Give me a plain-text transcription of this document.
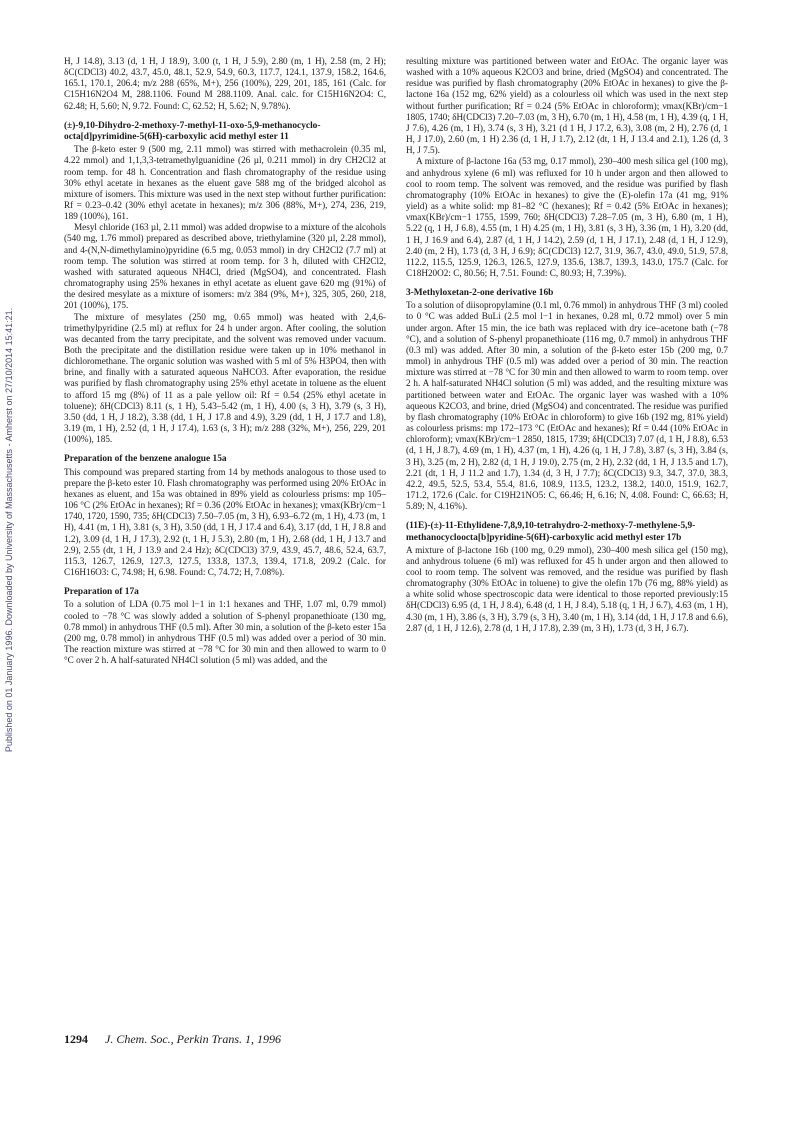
Published on 01 January 1996. Downloaded by University of Massachusetts - Amherst on 27/10/2014 15:41:21.

H, J 14.8), 3.13 (d, 1 H, J 18.9), 3.00 (t, 1 H, J 5.9), 2.80 (m, 1 H), 2.58 (m, 2 H); δC(CDCl3) 40.2, 43.7, 45.0, 48.1, 52.9, 54.9, 60.3, 117.7, 124.1, 137.9, 158.2, 164.6, 165.1, 170.1, 206.4; m/z 288 (65%, M+), 256 (100%), 229, 201, 185, 161 (Calc. for C15H16N2O4 M, 288.1106. Found M 288.1109. Anal. calc. for C15H16N2O4: C, 62.48; H, 5.60; N, 9.72. Found: C, 62.52; H, 5.62; N, 9.78%).

(±)-9,10-Dihydro-2-methoxy-7-methyl-11-oxo-5,9-methanocycloocta[d]pyrimidine-5(6H)-carboxylic acid methyl ester 11

The β-keto ester 9 (500 mg, 2.11 mmol) was stirred with methacrolein (0.35 ml, 4.22 mmol) and 1,1,3,3-tetramethylguanidine (26 µl, 0.211 mmol) in dry CH2Cl2 at room temp. for 48 h. Concentration and flash chromatography of the residue using 30% ethyl acetate in hexanes as the eluent gave 588 mg of the bridged alcohol as mixture of isomers. This mixture was used in the next step without further purification: Rf = 0.23–0.42 (30% ethyl acetate in hexanes); m/z 306 (88%, M+), 274, 236, 219, 189 (100%), 161.

Mesyl chloride (163 µl, 2.11 mmol) was added dropwise to a mixture of the alcohols (540 mg, 1.76 mmol) prepared as described above, triethylamine (320 µl, 2.28 mmol), and 4-(N,N-dimethylamino)pyridine (6.5 mg, 0.053 mmol) in dry CH2Cl2 (7.7 ml) at room temp. The solution was stirred at room temp. for 3 h, diluted with CH2Cl2, washed with saturated aqueous NH4Cl, dried (MgSO4), and concentrated. Flash chromatography using 25% hexanes in ethyl acetate as eluent gave 620 mg (91%) of the desired mesylate as a mixture of isomers: m/z 384 (9%, M+), 325, 305, 260, 218, 201 (100%), 175.

The mixture of mesylates (250 mg, 0.65 mmol) was heated with 2,4,6-trimethylpyridine (2.5 ml) at reflux for 24 h under argon. After cooling, the solution was decanted from the tarry precipitate, and the solvent was removed under vacuum. Both the precipitate and the distillation residue were taken up in 10% methanol in dichloromethane. The organic solution was washed with 5 ml of 5% H3PO4, then with brine, and finally with a saturated aqueous NaHCO3. After evaporation, the residue was purified by flash chromatography using 25% ethyl acetate in toluene as the eluent to afford 15 mg (8%) of 11 as a pale yellow oil: Rf = 0.54 (25% ethyl acetate in toluene); δH(CDCl3) 8.11 (s, 1 H), 5.43–5.42 (m, 1 H), 4.00 (s, 3 H), 3.79 (s, 3 H), 3.50 (dd, 1 H, J 18.2), 3.38 (dd, 1 H, J 17.8 and 4.9), 3.29 (dd, 1 H, J 17.7 and 1.8), 3.19 (m, 1 H), 2.52 (d, 1 H, J 17.4), 1.63 (s, 3 H); m/z 288 (32%, M+), 256, 229, 201 (100%), 185.

Preparation of the benzene analogue 15a

This compound was prepared starting from 14 by methods analogous to those used to prepare the β-keto ester 10. Flash chromatography was performed using 20% EtOAc in hexanes as eluent, and 15a was obtained in 89% yield as colourless prisms: mp 105–106 °C (2% EtOAc in hexanes); Rf = 0.36 (20% EtOAc in hexanes); νmax(KBr)/cm−1 1740, 1720, 1590, 735; δH(CDCl3) 7.50–7.05 (m, 3 H), 6.93–6.72 (m, 1 H), 4.73 (m, 1 H), 4.41 (m, 1 H), 3.81 (s, 3 H), 3.50 (dd, 1 H, J 17.4 and 6.4), 3.17 (dd, 1 H, J 8.8 and 1.2), 3.09 (d, 1 H, J 17.3), 2.92 (t, 1 H, J 5.3), 2.80 (m, 1 H), 2.68 (dd, 1 H, J 13.7 and 2.9), 2.55 (dt, 1 H, J 13.9 and 2.4 Hz); δC(CDCl3) 37.9, 43.9, 45.7, 48.6, 52.4, 63.7, 115.3, 126.7, 126.9, 127.3, 127.5, 133.8, 137.3, 139.4, 171.8, 209.2 (Calc. for C16H16O3: C, 74.98; H, 6.98. Found: C, 74.72; H, 7.08%).

Preparation of 17a

To a solution of LDA (0.75 mol l−1 in 1:1 hexanes and THF, 1.07 ml, 0.79 mmol) cooled to −78 °C was slowly added a solution of S-phenyl propanethioate (130 mg, 0.78 mmol) in anhydrous THF (0.5 ml). After 30 min, a solution of the β-keto ester 15a (200 mg, 0.78 mmol) in anhydrous THF (0.5 ml) was added over a period of 30 min. The reaction mixture was stirred at −78 °C for 30 min and then allowed to warm to 0 °C over 2 h. A half-saturated NH4Cl solution (5 ml) was added, and the

resulting mixture was partitioned between water and EtOAc. The organic layer was washed with a 10% aqueous K2CO3 and brine, dried (MgSO4) and concentrated. The residue was purified by flash chromatography (20% EtOAc in hexanes) to give the β-lactone 16a (152 mg, 62% yield) as a colourless oil which was used in the next step without further purification; Rf = 0.24 (5% EtOAc in chloroform); νmax(KBr)/cm−1 1805, 1740; δH(CDCl3) 7.20–7.03 (m, 3 H), 6.70 (m, 1 H), 4.58 (m, 1 H), 4.39 (q, 1 H, J 7.6), 4.26 (m, 1 H), 3.74 (s, 3 H), 3.21 (d 1 H, J 17.2, 6.3), 3.08 (m, 2 H), 2.76 (d, 1 H, J 17.0), 2.60 (m, 1 H) 2.36 (d, 1 H, J 1.7), 2.12 (dt, 1 H, J 13.4 and 2.1), 1.26 (d, 3 H, J 7.5).

A mixture of β-lactone 16a (53 mg, 0.17 mmol), 230–400 mesh silica gel (100 mg), and anhydrous xylene (6 ml) was refluxed for 10 h under argon and then allowed to cool to room temp. The solvent was removed, and the residue was purified by flash chromatography (10% EtOAc in hexanes) to give the (E)-olefin 17a (41 mg, 91% yield) as a white solid: mp 81–82 °C (hexanes); Rf = 0.42 (5% EtOAc in hexanes); νmax(KBr)/cm−1 1755, 1599, 760; δH(CDCl3) 7.28–7.05 (m, 3 H), 6.80 (m, 1 H), 5.22 (q, 1 H, J 6.8), 4.55 (m, 1 H) 4.25 (m, 1 H), 3.81 (s, 3 H), 3.36 (m, 1 H), 3.20 (dd, 1 H, J 16.9 and 6.4), 2.87 (d, 1 H, J 14.2), 2.59 (d, 1 H, J 17.1), 2.48 (d, 1 H, J 12.9), 2.40 (m, 2 H), 1.73 (d, 3 H, J 6.9); δC(CDCl3) 12.7, 31.9, 36.7, 43.0, 49.0, 51.9, 57.8, 112.2, 115.5, 125.9, 126.3, 126.5, 127.9, 135.6, 138.7, 139.3, 143.0, 175.7 (Calc. for C18H20O2: C, 80.56; H, 7.51. Found: C, 80.93; H, 7.39%).

3-Methyloxetan-2-one derivative 16b

To a solution of diisopropylamine (0.1 ml, 0.76 mmol) in anhydrous THF (3 ml) cooled to 0 °C was added BuLi (2.5 mol l−1 in hexanes, 0.28 ml, 0.72 mmol) over 5 min under argon. After 15 min, the ice bath was replaced with dry ice–acetone bath (−78 °C), and a solution of S-phenyl propanethioate (116 mg, 0.7 mmol) in anhydrous THF (0.3 ml) was added. After 30 min, a solution of the β-keto ester 15b (200 mg, 0.7 mmol) in anhydrous THF (0.5 ml) was added over a period of 30 min. The reaction mixture was stirred at −78 °C for 30 min and then allowed to warm to room temp. over 2 h. A half-saturated NH4Cl solution (5 ml) was added, and the resulting mixture was partitioned between water and EtOAc. The organic layer was washed with a 10% aqueous K2CO3, and brine, dried (MgSO4) and concentrated. The residue was purified by flash chromatography (10% EtOAc in chloroform) to give 16b (192 mg, 81% yield) as colourless prisms: mp 172–173 °C (EtOAc and hexanes); Rf = 0.44 (10% EtOAc in chloroform); νmax(KBr)/cm−1 2850, 1815, 1739; δH(CDCl3) 7.07 (d, 1 H, J 8.8), 6.53 (d, 1 H, J 8.7), 4.69 (m, 1 H), 4.37 (m, 1 H), 4.26 (q, 1 H, J 7.8), 3.87 (s, 3 H), 3.84 (s, 3 H), 3.25 (m, 2 H), 2.82 (d, 1 H, J 19.0), 2.75 (m, 2 H), 2.32 (dd, 1 H, J 13.5 and 1.7), 2.21 (dt, 1 H, J 11.2 and 1.7), 1.34 (d, 3 H, J 7.7); δC(CDCl3) 9.3, 34.7, 37.0, 38.3, 42.2, 49.5, 52.5, 53.4, 55.4, 81.6, 108.9, 113.5, 123.2, 138.2, 140.0, 151.9, 162.7, 171.2, 172.6 (Calc. for C19H21NO5: C, 66.46; H, 6.16; N, 4.08. Found: C, 66.63; H, 5.89; N, 4.16%).

(11E)-(±)-11-Ethylidene-7,8,9,10-tetrahydro-2-methoxy-7-methylene-5,9-methanocycloocta[b]pyridine-5(6H)-carboxylic acid methyl ester 17b

A mixture of β-lactone 16b (100 mg, 0.29 mmol), 230–400 mesh silica gel (150 mg), and anhydrous toluene (6 ml) was refluxed for 45 h under argon and then allowed to cool to room temp. The solvent was removed, and the residue was purified by flash chromatography (30% EtOAc in toluene) to give the olefin 17b (76 mg, 88% yield) as a white solid whose spectroscopic data were identical to those reported previously:15 δH(CDCl3) 6.95 (d, 1 H, J 8.4), 6.48 (d, 1 H, J 8.4), 5.18 (q, 1 H, J 6.7), 4.63 (m, 1 H), 4.30 (m, 1 H), 3.86 (s, 3 H), 3.79 (s, 3 H), 3.40 (m, 1 H), 3.14 (dd, 1 H, J 17.8 and 6.6), 2.87 (d, 1 H, J 12.6), 2.78 (d, 1 H, J 17.8), 2.39 (m, 3 H), 1.73 (d, 3 H, J 6.7).

1294 J. Chem. Soc., Perkin Trans. 1, 1996
